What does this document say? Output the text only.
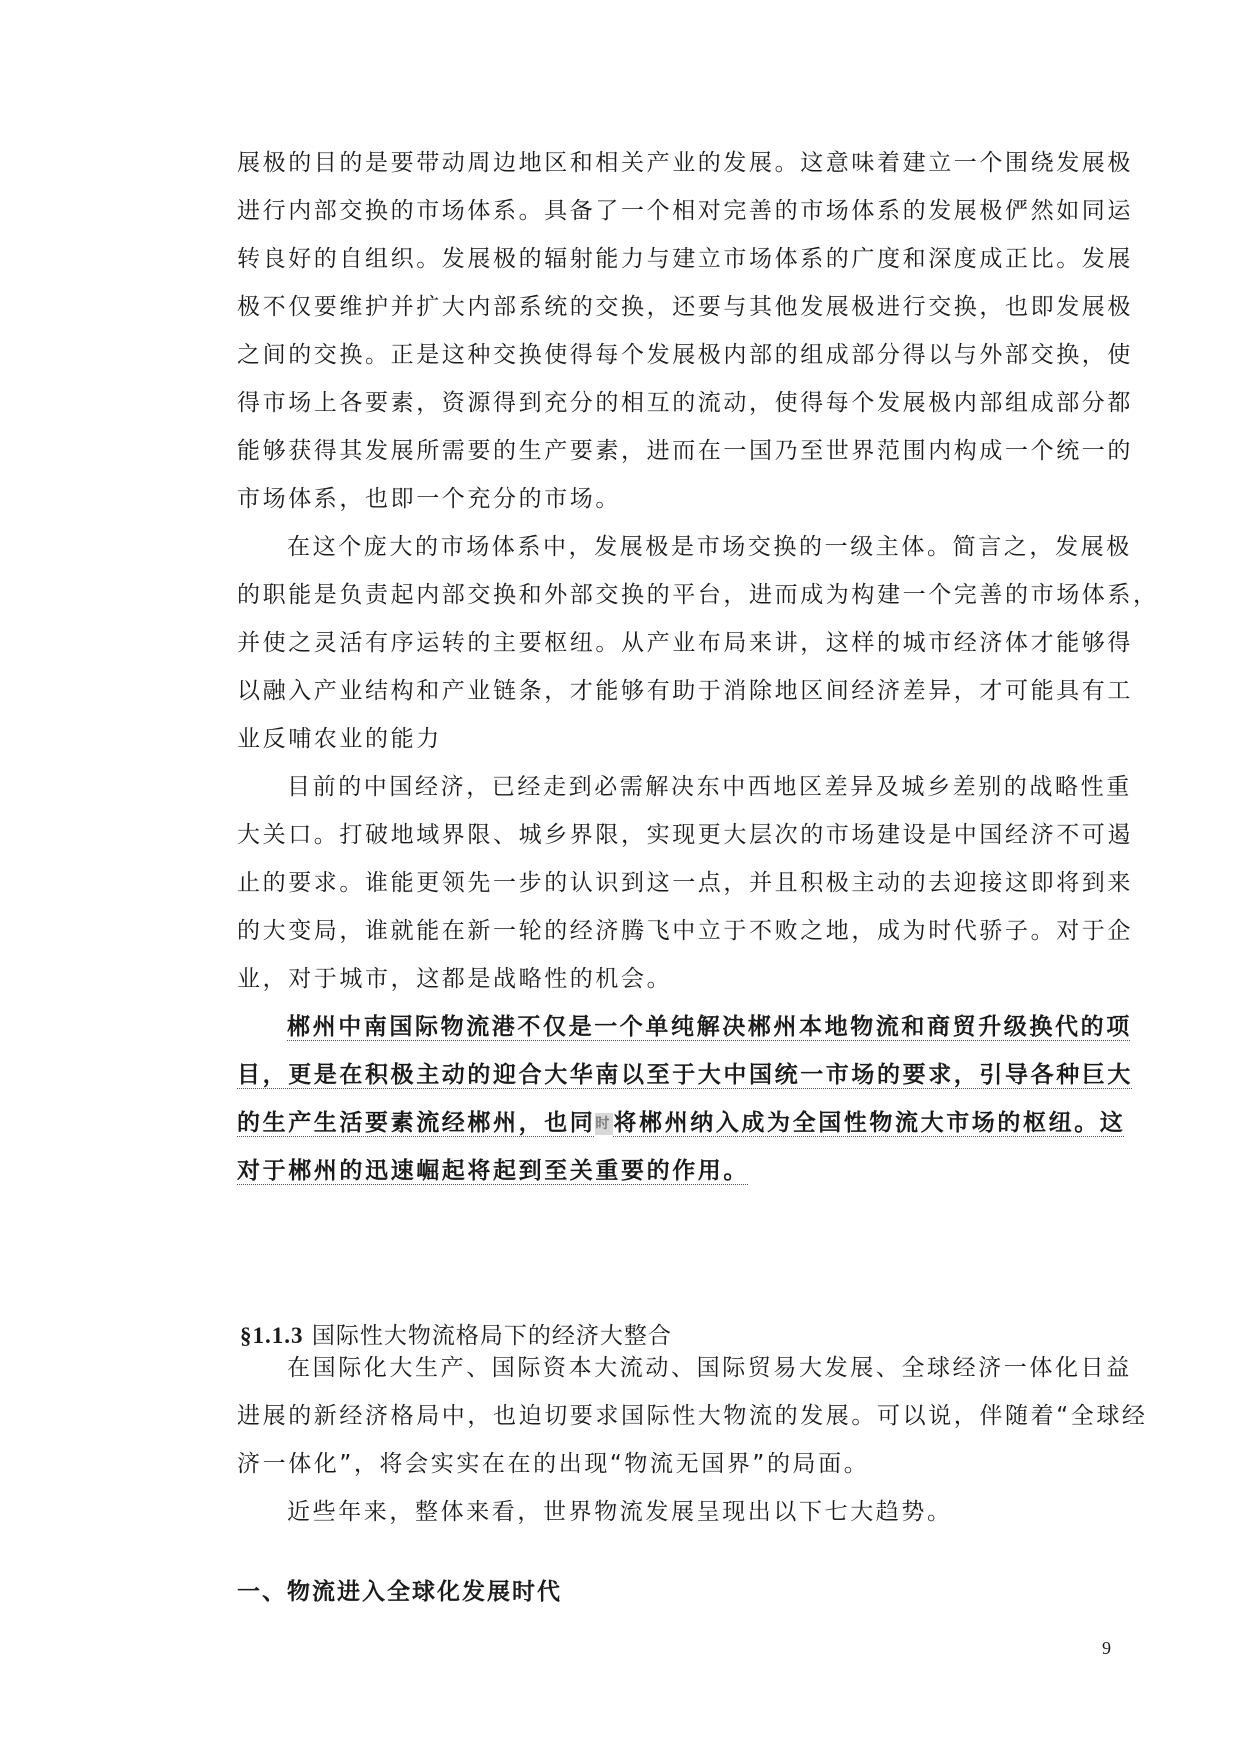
展极的目的是要带动周边地区和相关产业的发展。这意味着建立一个围绕发展极
进行内部交换的市场体系。具备了一个相对完善的市场体系的发展极俨然如同运
转良好的自组织。发展极的辐射能力与建立市场体系的广度和深度成正比。发展
极不仅要维护并扩大内部系统的交换，还要与其他发展极进行交换，也即发展极
之间的交换。正是这种交换使得每个发展极内部的组成部分得以与外部交换，使
得市场上各要素，资源得到充分的相互的流动，使得每个发展极内部组成部分都
能够获得其发展所需要的生产要素，进而在一国乃至世界范围内构成一个统一的
市场体系，也即一个充分的市场。
在这个庞大的市场体系中，发展极是市场交换的一级主体。简言之，发展极
的职能是负责起内部交换和外部交换的平台，进而成为构建一个完善的市场体系，
并使之灵活有序运转的主要枢纽。从产业布局来讲，这样的城市经济体才能够得
以融入产业结构和产业链条，才能够有助于消除地区间经济差异，才可能具有工
业反哺农业的能力
目前的中国经济，已经走到必需解决东中西地区差异及城乡差别的战略性重
大关口。打破地域界限、城乡界限，实现更大层次的市场建设是中国经济不可遏
止的要求。谁能更领先一步的认识到这一点，并且积极主动的去迎接这即将到来
的大变局，谁就能在新一轮的经济腾飞中立于不败之地，成为时代骄子。对于企
业，对于城市，这都是战略性的机会。
郴州中南国际物流港不仅是一个单纯解决郴州本地物流和商贸升级换代的项
目，更是在积极主动的迎合大华南以至于大中国统一市场的要求，引导各种巨大
的生产生活要素流经郴州，也同时 将郴州纳入成为全国性物流大市场的枢纽。这
对于郴州的迅速崛起将起到至关重要的作用。
§1.1.3 国际性大物流格局下的经济大整合
在国际化大生产、国际资本大流动、国际贸易大发展、全球经济一体化日益
进展的新经济格局中，也迫切要求国际性大物流的发展。可以说，伴随着“全球经
济一体化”，将会实实在在的出现“物流无国界”的局面。
近些年来，整体来看，世界物流发展呈现出以下七大趋势。
一、物流进入全球化发展时代
9
